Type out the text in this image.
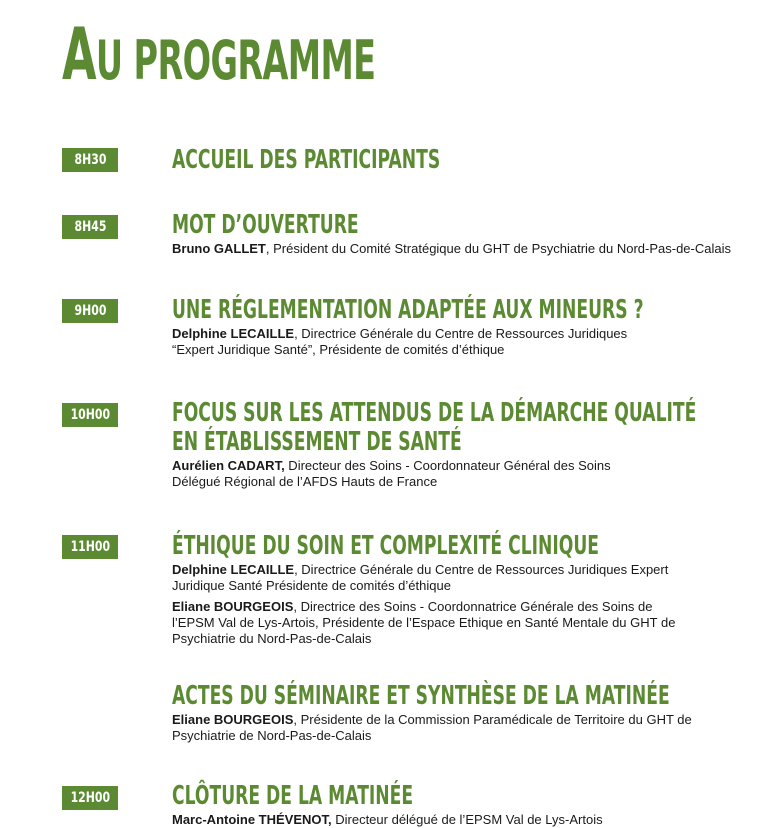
AU PROGRAMME
8H30	ACCUEIL DES PARTICIPANTS
8H45	MOT D’OUVERTURE
Bruno GALLET, Président du Comité Stratégique du GHT de Psychiatrie du Nord-Pas-de-Calais
9H00	UNE RÉGLEMENTATION ADAPTÉE AUX MINEURS ?
Delphine LECAILLE, Directrice Générale du Centre de Ressources Juridiques
“Expert Juridique Santé”, Présidente de comités d’éthique
10H00 FOCUS SUR LES ATTENDUS DE LA DÉMARCHE QUALITÉ
EN ÉTABLISSEMENT DE SANTÉ
Aurélien CADART, Directeur des Soins - Coordonnateur Général des Soins
Délégué Régional de l’AFDS Hauts de France
11H00 ÉTHIQUE DU SOIN ET COMPLEXITÉ CLINIQUE
Delphine LECAILLE, Directrice Générale du Centre de Ressources Juridiques Expert Juridique Santé Présidente de comités d’éthique
Eliane BOURGEOIS, Directrice des Soins - Coordonnatrice Générale des Soins de l’EPSM Val de Lys-Artois, Présidente de l’Espace Ethique en Santé Mentale du GHT de Psychiatrie du Nord-Pas-de-Calais
ACTES DU SÉMINAIRE ET SYNTHÈSE DE LA MATINÉE
Eliane BOURGEOIS, Présidente de la Commission Paramédicale de Territoire du GHT de Psychiatrie de Nord-Pas-de-Calais
12H00 CLÔTURE DE LA MATINÉE
Marc-Antoine THÉVENOT, Directeur délégué de l’EPSM Val de Lys-Artois
